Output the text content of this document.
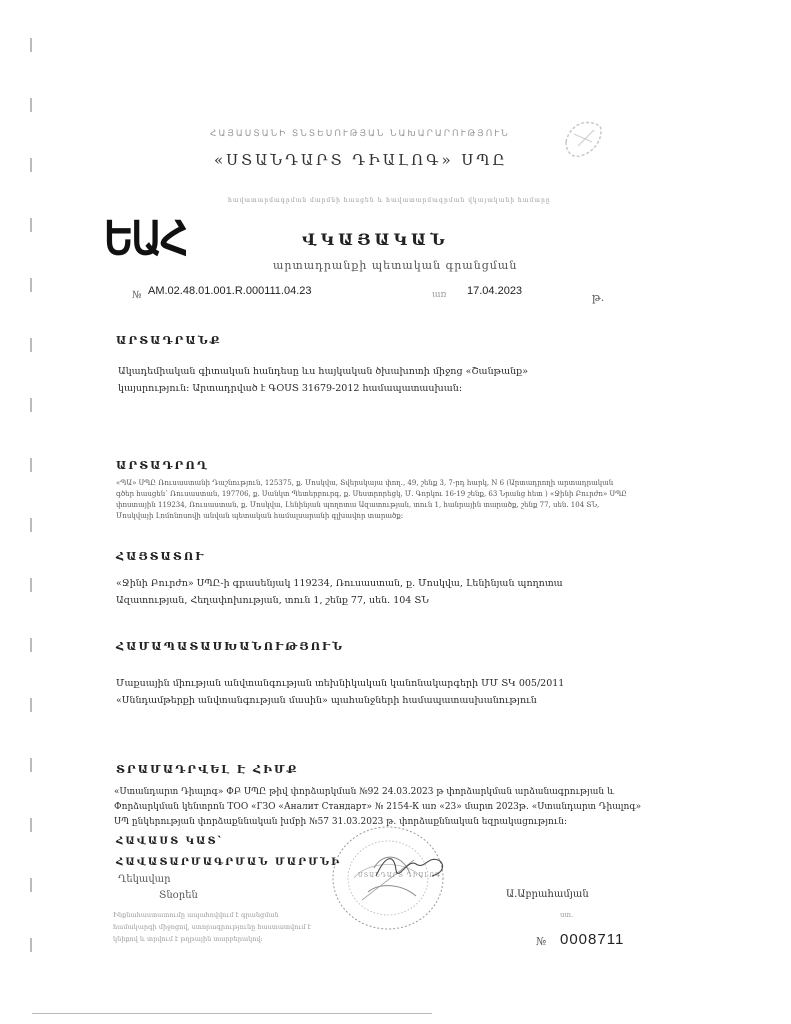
ՀԱՅԱՍՏԱՆԻ ՏՆՏԵՍՈՒԹՅԱՆ ՆԱԽԱՐԱՐՈՒԹՅՈՒՆ
«ՍՏԱՆԴԱՐՏ ԴԻԱԼՈԳ» ՍՊԸ
հավատարմագրման մարմնի հասցեն և հավատարմագրման վկայականի համարը
ԵԱՀ	ՎԿԱՅԱԿԱՆ
արտադրանքի պետական գրանցման
№ AM.02.48.01.001.R.000111.04.23	առ 17.04.2023	թ.
ԱՐՏԱԴՐԱՆՔ
Ակադեմիական գիտական հանդեսը ևս հայկական ծխախոտի միջոց «Շանթանք» կայսրություն։ Արտադրված է ԳՕՍՏ 31679-2012 համապատասխան։
ԱՐՏԱԴՐՈՂ
«ՊԱ» ՍՊԸ Ռուսաստանի Դաշնություն, 125375, ք. Մոսկվա, Տվերսկայա փող., 49, շենք 3, 7-րդ հարկ, N 6 (Արտադրողի արտադրական գծեր հասցեն՝ Ռուսաստան, 197706, ք. Սանկտ Պետերբուրգ, ք. Սեստրորեցկ, Մ. Գորկու 16-19 շենք, 63 Նրանց հետ ) «Ջինի Բուրժո» ՍՊԸ փոստային 119234, Ռուսաստան, ք. Մոսկվա, Լենինյան պողոտա Ազատության, տուն 1, հանրային տարածք, շենք 77, սեն. 104 ՏՆ, Մոսկվայի Լոմոնոսովի անվան պետական համալսարանի գլխավոր տարածք։
ՀԱՅՏԱՏՈՒ
«Ջինի Բուրժո» ՍՊԸ-ի գրասենյակ 119234, Ռուսաստան, ք. Մոսկվա, Լենինյան պողոտա Ազատության, Հեղափոխության, տուն 1, շենք 77, սեն. 104 ՏՆ
ՀԱՄԱՊԱՏԱՍԽԱՆՈՒԹՅՈՒՆ
Մաքսային միության անվտանգության տեխնիկական կանոնակարգերի ՄՄ ՏԿ 005/2011 «Սննդամթերքի անվտանգության մասին» պահանջների համապատասխանություն
ՏՐԱՄԱԴՐՎԵԼ Է ՀԻՄՔ
«Ստանդարտ Դիալոգ» ՓԲ ՍՊԸ թիվ փորձարկման №92 24.03.2023 թ փորձարկման արձանագրության և Փորձարկման կենտրոն ТОО «ГЗО «Аналит Стандарт» № 2154-К առ «23» մարտ 2023թ. «Ստանդարտ Դիալոգ» ՍՊ ընկերության փորձաքննական խմբի №57 31.03.2023 թ. փորձաքննական եզրակացություն։
ՀԱՎԱՍՏ ԿԱՏ՝
ՀԱՎԱՏԱՐՄԱԳՐՄԱՆ ՄԱՐՄՆԻ
Ղեկավար
Տնօրեն
Ինքնահաստատումը ապահովվում է գրանցման համակարգի միջոցով, ստորագրությունը հաստատվում է կնիքով և տրվում է թղթային տարբերակով։
ՍՏԱՆԴԱՐՏ ԴԻԱԼՈԳ
Ա.Աբրահամյան
ստ.
№ 0008711
